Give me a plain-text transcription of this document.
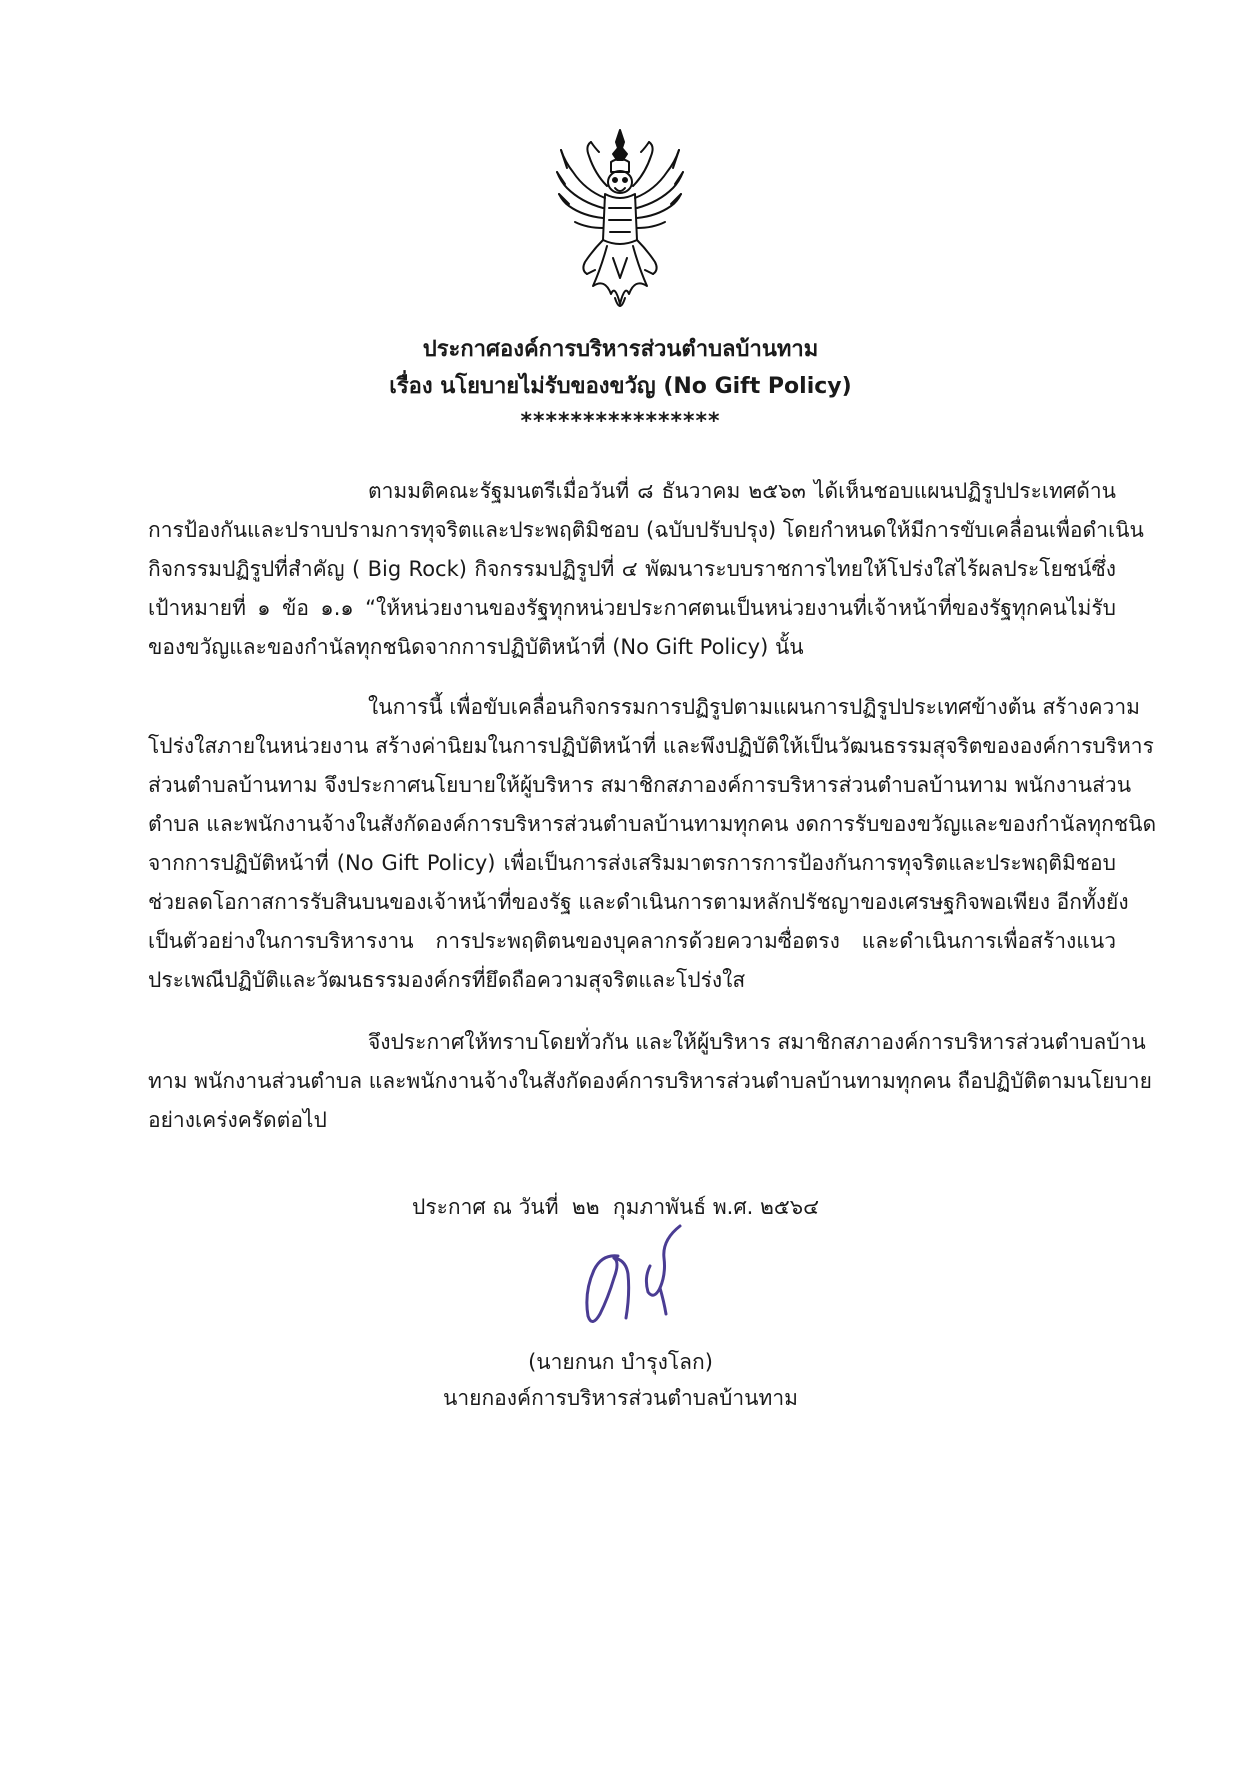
ประกาศองค์การบริหารส่วนตำบลบ้านทาม
เรื่อง นโยบายไม่รับของขวัญ (No Gift Policy)
****************
ตามมติคณะรัฐมนตรีเมื่อวันที่ ๘ ธันวาคม ๒๕๖๓ ได้เห็นชอบแผนปฏิรูปประเทศด้าน
การป้องกันและปราบปรามการทุจริตและประพฤติมิชอบ (ฉบับปรับปรุง) โดยกำหนดให้มีการขับเคลื่อนเพื่อดำเนิน
กิจกรรมปฏิรูปที่สำคัญ ( Big Rock) กิจกรรมปฏิรูปที่ ๔ พัฒนาระบบราชการไทยให้โปร่งใสไร้ผลประโยชน์ซึ่ง
เป้าหมายที่ ๑ ข้อ ๑.๑ “ให้หน่วยงานของรัฐทุกหน่วยประกาศตนเป็นหน่วยงานที่เจ้าหน้าที่ของรัฐทุกคนไม่รับ
ของขวัญและของกำนัลทุกชนิดจากการปฏิบัติหน้าที่ (No Gift Policy) นั้น
ในการนี้ เพื่อขับเคลื่อนกิจกรรมการปฏิรูปตามแผนการปฏิรูปประเทศข้างต้น สร้างความ
โปร่งใสภายในหน่วยงาน สร้างค่านิยมในการปฏิบัติหน้าที่ และพึงปฏิบัติให้เป็นวัฒนธรรมสุจริตขององค์การบริหาร
ส่วนตำบลบ้านทาม จึงประกาศนโยบายให้ผู้บริหาร สมาชิกสภาองค์การบริหารส่วนตำบลบ้านทาม พนักงานส่วน
ตำบล และพนักงานจ้างในสังกัดองค์การบริหารส่วนตำบลบ้านทามทุกคน งดการรับของขวัญและของกำนัลทุกชนิด
จากการปฏิบัติหน้าที่ (No Gift Policy) เพื่อเป็นการส่งเสริมมาตรการการป้องกันการทุจริตและประพฤติมิชอบ
ช่วยลดโอกาสการรับสินบนของเจ้าหน้าที่ของรัฐ และดำเนินการตามหลักปรัชญาของเศรษฐกิจพอเพียง อีกทั้งยัง
เป็นตัวอย่างในการบริหารงาน การประพฤติตนของบุคลากรด้วยความซื่อตรง และดำเนินการเพื่อสร้างแนว
ประเพณีปฏิบัติและวัฒนธรรมองค์กรที่ยึดถือความสุจริตและโปร่งใส
จึงประกาศให้ทราบโดยทั่วกัน และให้ผู้บริหาร สมาชิกสภาองค์การบริหารส่วนตำบลบ้าน
ทาม พนักงานส่วนตำบล และพนักงานจ้างในสังกัดองค์การบริหารส่วนตำบลบ้านทามทุกคน ถือปฏิบัติตามนโยบาย
อย่างเคร่งครัดต่อไป
ประกาศ ณ วันที่  ๒๒  กุมภาพันธ์ พ.ศ. ๒๕๖๔
(นายกนก บำรุงโลก)
นายกองค์การบริหารส่วนตำบลบ้านทาม
